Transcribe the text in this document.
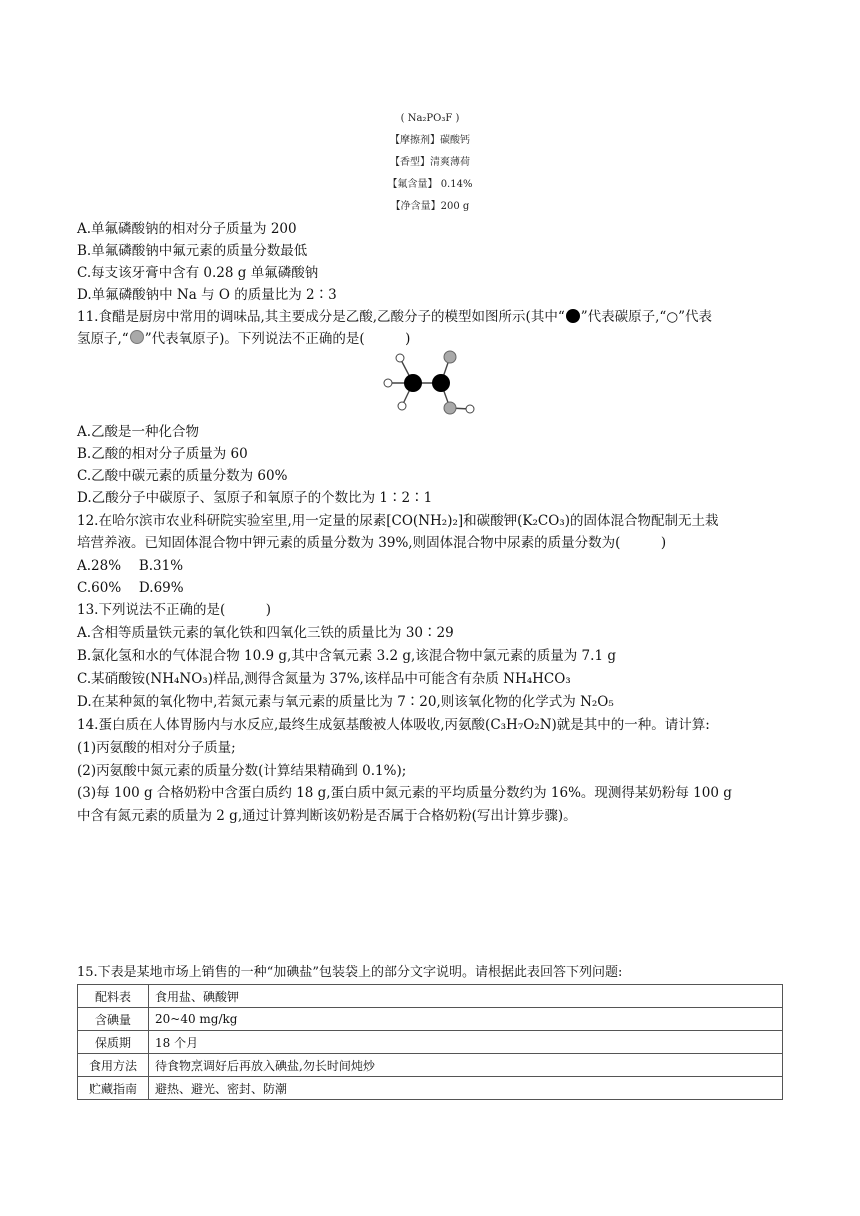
( Na₂PO₃F )
【摩擦剂】碳酸钙
【香型】清爽薄荷
【氟含量】 0.14%
【净含量】200 g
A.单氟磷酸钠的相对分子质量为 200
B.单氟磷酸钠中氟元素的质量分数最低
C.每支该牙膏中含有 0.28 g 单氟磷酸钠
D.单氟磷酸钠中 Na 与 O 的质量比为 2∶3
11.食醋是厨房中常用的调味品,其主要成分是乙酸,乙酸分子的模型如图所示(其中“ ”代表碳原子,“○”代表
氢原子,“ ”代表氧原子)。下列说法不正确的是(　　　)
A.乙酸是一种化合物
B.乙酸的相对分子质量为 60
C.乙酸中碳元素的质量分数为 60%
D.乙酸分子中碳原子、氢原子和氧原子的个数比为 1∶2∶1
12.在哈尔滨市农业科研院实验室里,用一定量的尿素[CO(NH₂)₂]和碳酸钾(K₂CO₃)的固体混合物配制无土栽
培营养液。已知固体混合物中钾元素的质量分数为 39%,则固体混合物中尿素的质量分数为(　　　)
A.28%　 B.31%
C.60%　 D.69%
13.下列说法不正确的是(　　　)
A.含相等质量铁元素的氧化铁和四氧化三铁的质量比为 30∶29
B.氯化氢和水的气体混合物 10.9 g,其中含氧元素 3.2 g,该混合物中氯元素的质量为 7.1 g
C.某硝酸铵(NH₄NO₃)样品,测得含氮量为 37%,该样品中可能含有杂质 NH₄HCO₃
D.在某种氮的氧化物中,若氮元素与氧元素的质量比为 7∶20,则该氧化物的化学式为 N₂O₅
14.蛋白质在人体胃肠内与水反应,最终生成氨基酸被人体吸收,丙氨酸(C₃H₇O₂N)就是其中的一种。请计算:
(1)丙氨酸的相对分子质量;
(2)丙氨酸中氮元素的质量分数(计算结果精确到 0.1%);
(3)每 100 g 合格奶粉中含蛋白质约 18 g,蛋白质中氮元素的平均质量分数约为 16%。现测得某奶粉每 100 g
中含有氮元素的质量为 2 g,通过计算判断该奶粉是否属于合格奶粉(写出计算步骤)。
15.下表是某地市场上销售的一种“加碘盐”包装袋上的部分文字说明。请根据此表回答下列问题:
配料表	食用盐、碘酸钾
含碘量	20~40 mg/kg
保质期	18 个月
食用方法	待食物烹调好后再放入碘盐,勿长时间炖炒
贮藏指南	避热、避光、密封、防潮
